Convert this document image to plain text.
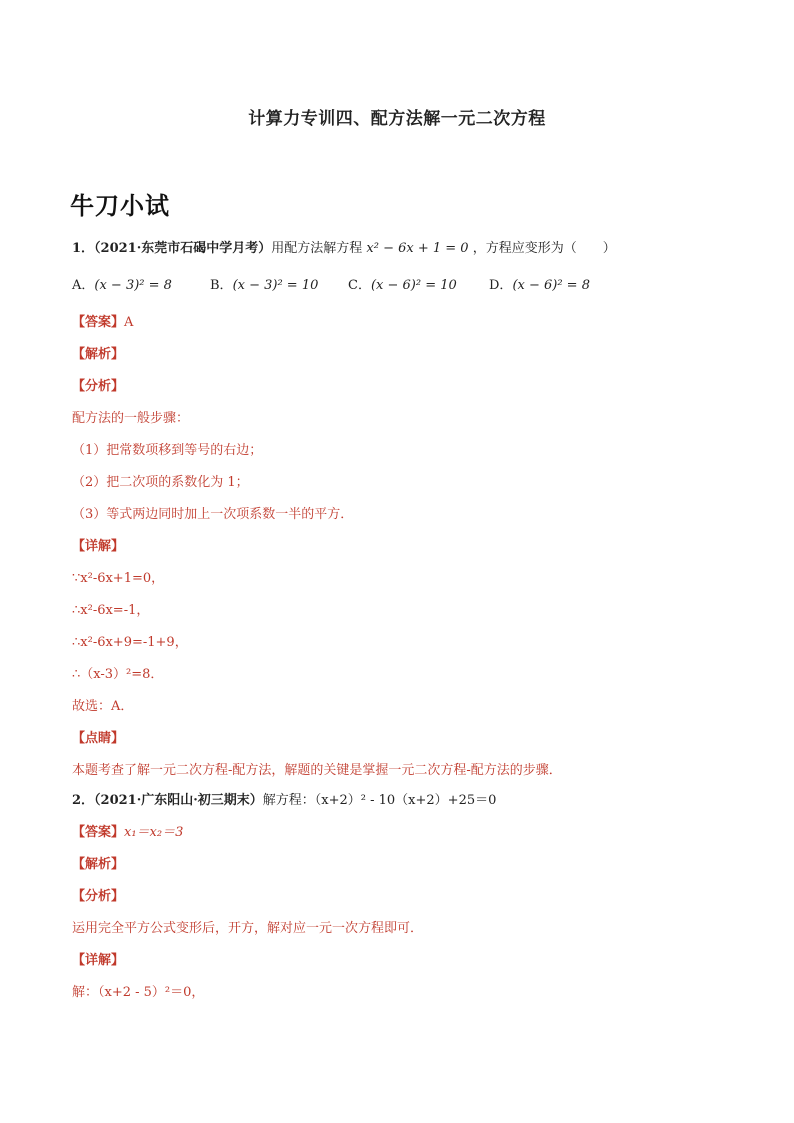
计算力专训四、配方法解一元二次方程
牛刀小试
1．（2021·东莞市石碣中学月考）用配方法解方程 x² − 6x + 1 = 0 ，方程应变形为（　　）
A．(x − 3)² = 8	B．(x − 3)² = 10	C．(x − 6)² = 10	D．(x − 6)² = 8
【答案】A
【解析】
【分析】
配方法的一般步骤：
（1）把常数项移到等号的右边；
（2）把二次项的系数化为 1；
（3）等式两边同时加上一次项系数一半的平方．
【详解】
∵x²-6x+1=0，
∴x²-6x=-1，
∴x²-6x+9=-1+9，
∴（x-3）²=8．
故选：A．
【点睛】
本题考查了解一元二次方程-配方法，解题的关键是掌握一元二次方程-配方法的步骤．
2．（2021·广东阳山·初三期末）解方程：（x+2）² - 10（x+2）+25＝0
【答案】x₁＝x₂＝3
【解析】
【分析】
运用完全平方公式变形后，开方，解对应一元一次方程即可．
【详解】
解：（x+2 - 5）²＝0，
